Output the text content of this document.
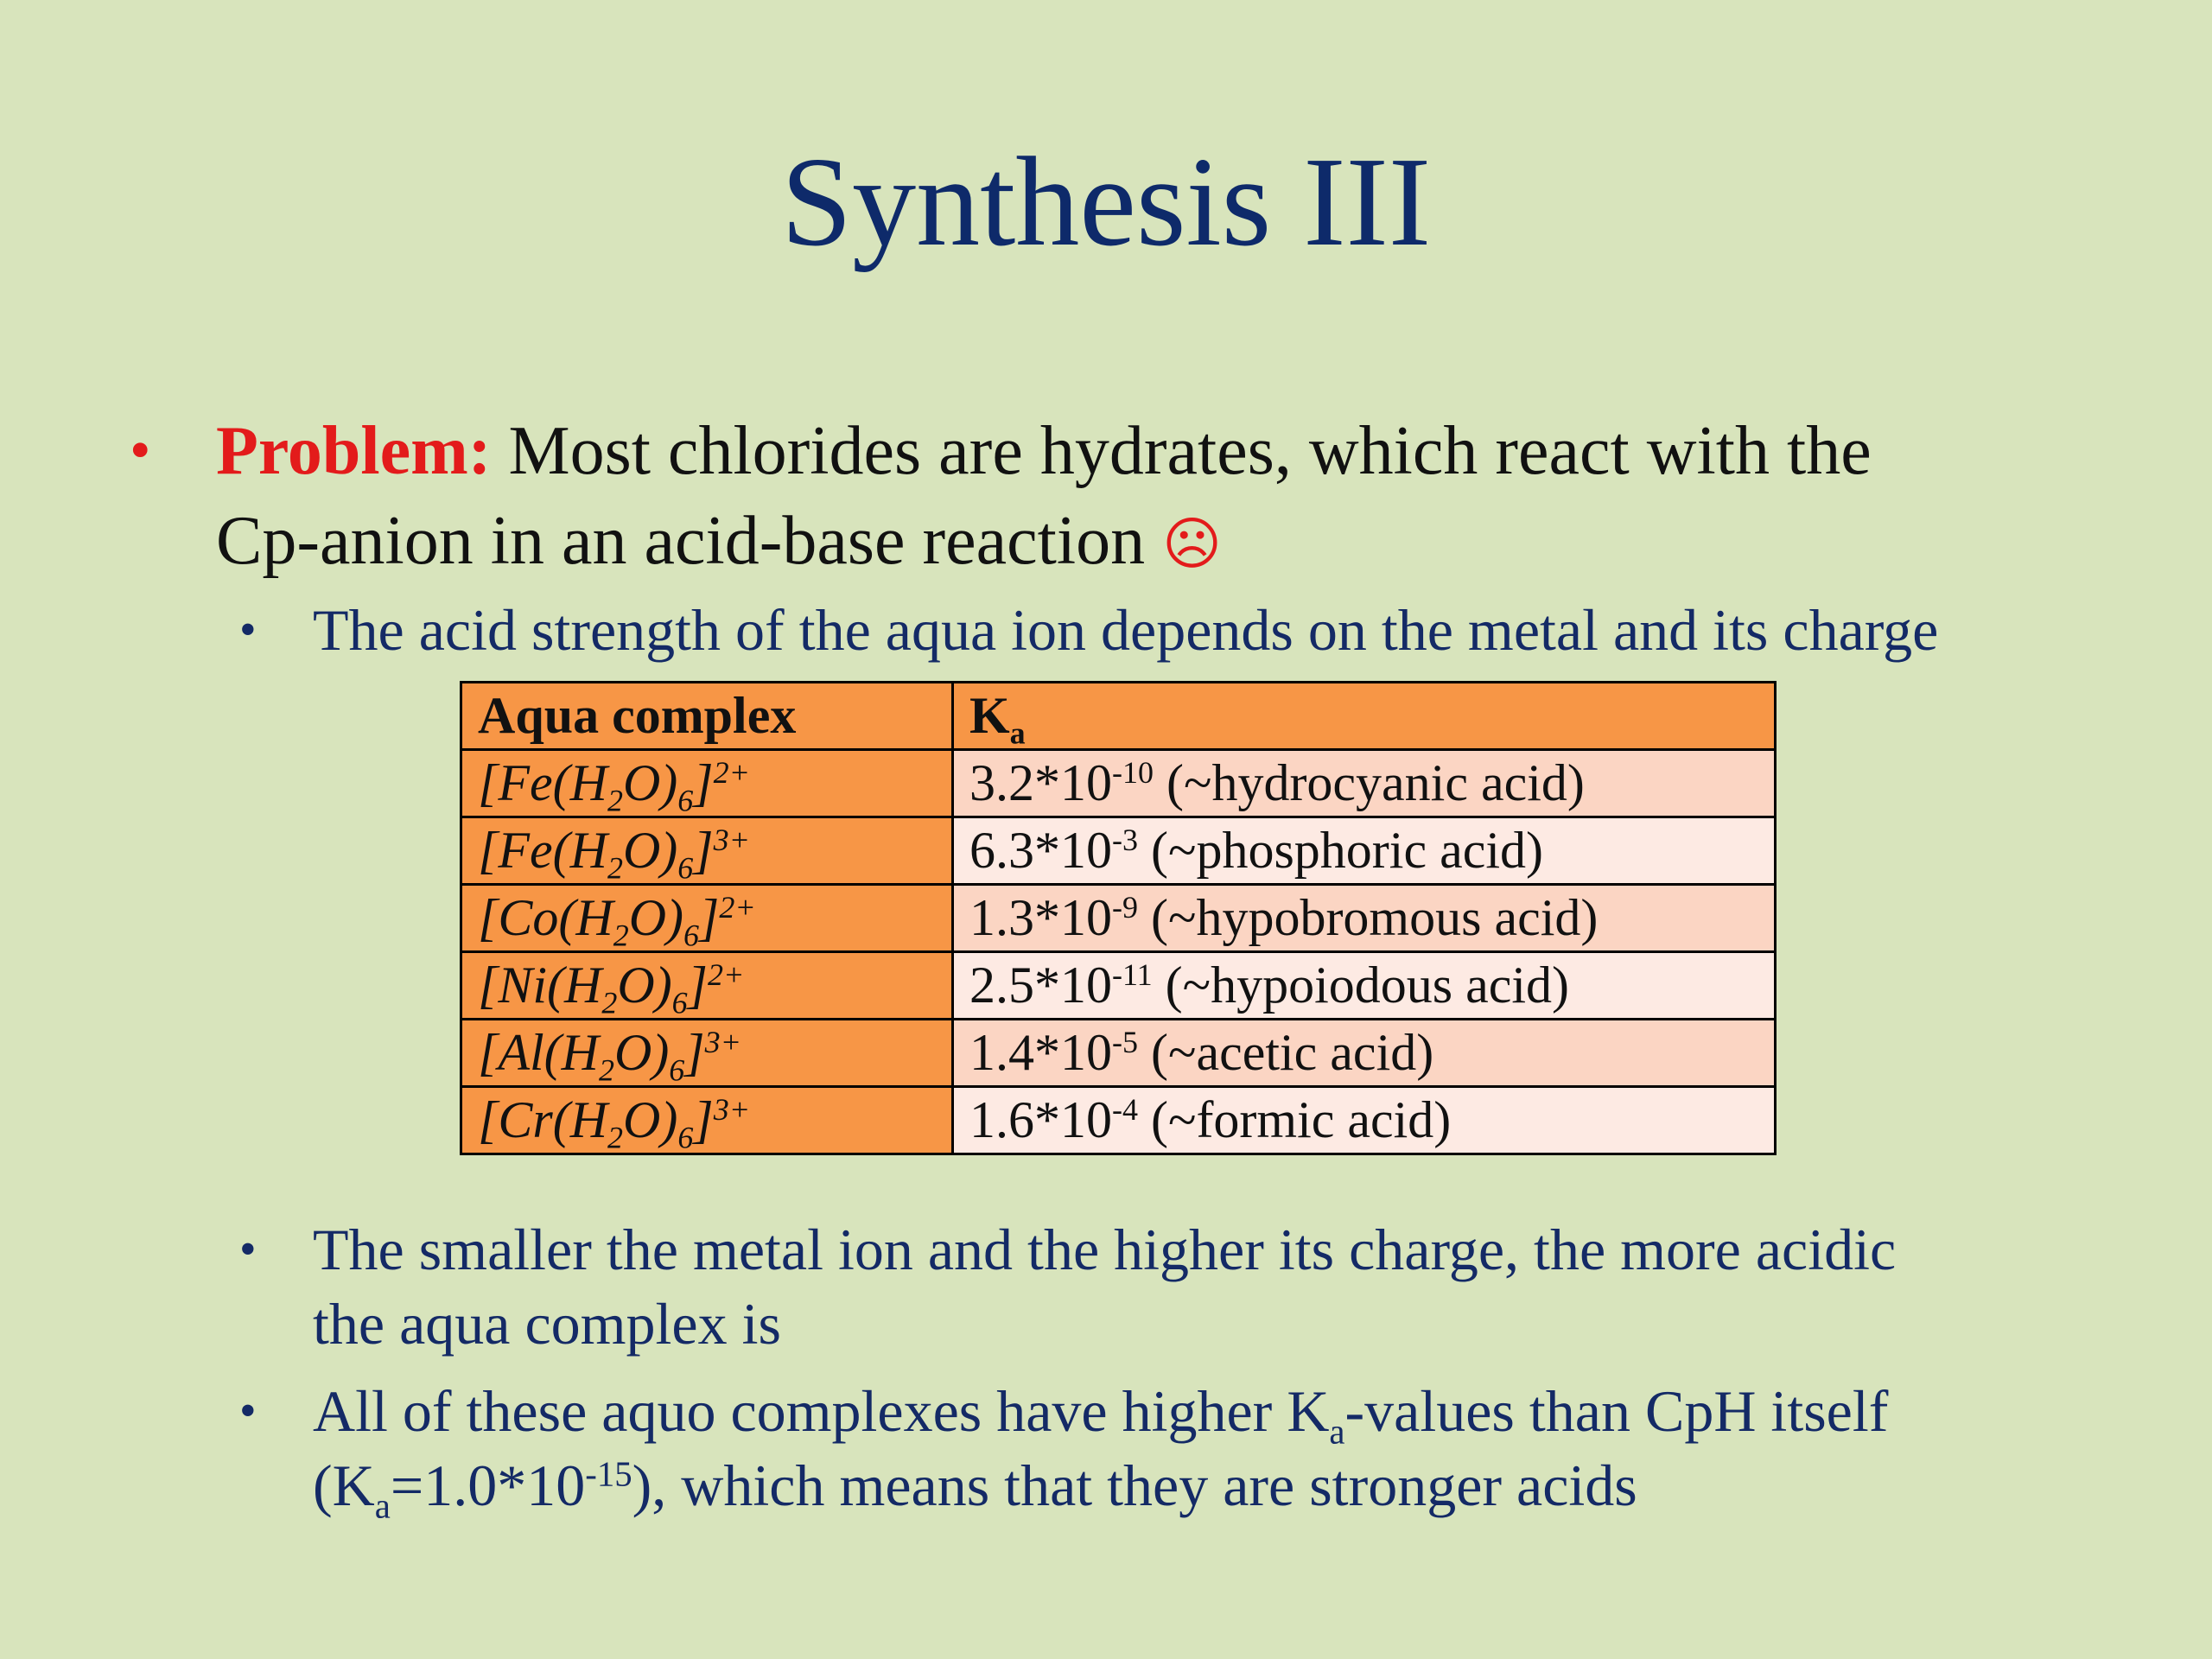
Synthesis III
• Problem: Most chlorides are hydrates, which react with the
Cp-anion in an acid-base reaction ☹
• The acid strength of the aqua ion depends on the metal and its charge
Aqua complex	$K_a$
$[Fe(H_2O)_6]^{2+}$	$3.2*10^{-10}$ (~hydrocyanic acid)
$[Fe(H_2O)_6]^{3+}$	$6.3*10^{-3}$ (~phosphoric acid)
$[Co(H_2O)_6]^{2+}$	$1.3*10^{-9}$ (~hypobromous acid)
$[Ni(H_2O)_6]^{2+}$	$2.5*10^{-11}$ (~hypoiodous acid)
$[Al(H_2O)_6]^{3+}$	$1.4*10^{-5}$ (~acetic acid)
$[Cr(H_2O)_6]^{3+}$	$1.6*10^{-4}$ (~formic acid)
• The smaller the metal ion and the higher its charge, the more acidic
the aqua complex is
• All of these aquo complexes have higher $K_a$-values than CpH itself
$(K_a=1.0*10^{-15})$, which means that they are stronger acids
